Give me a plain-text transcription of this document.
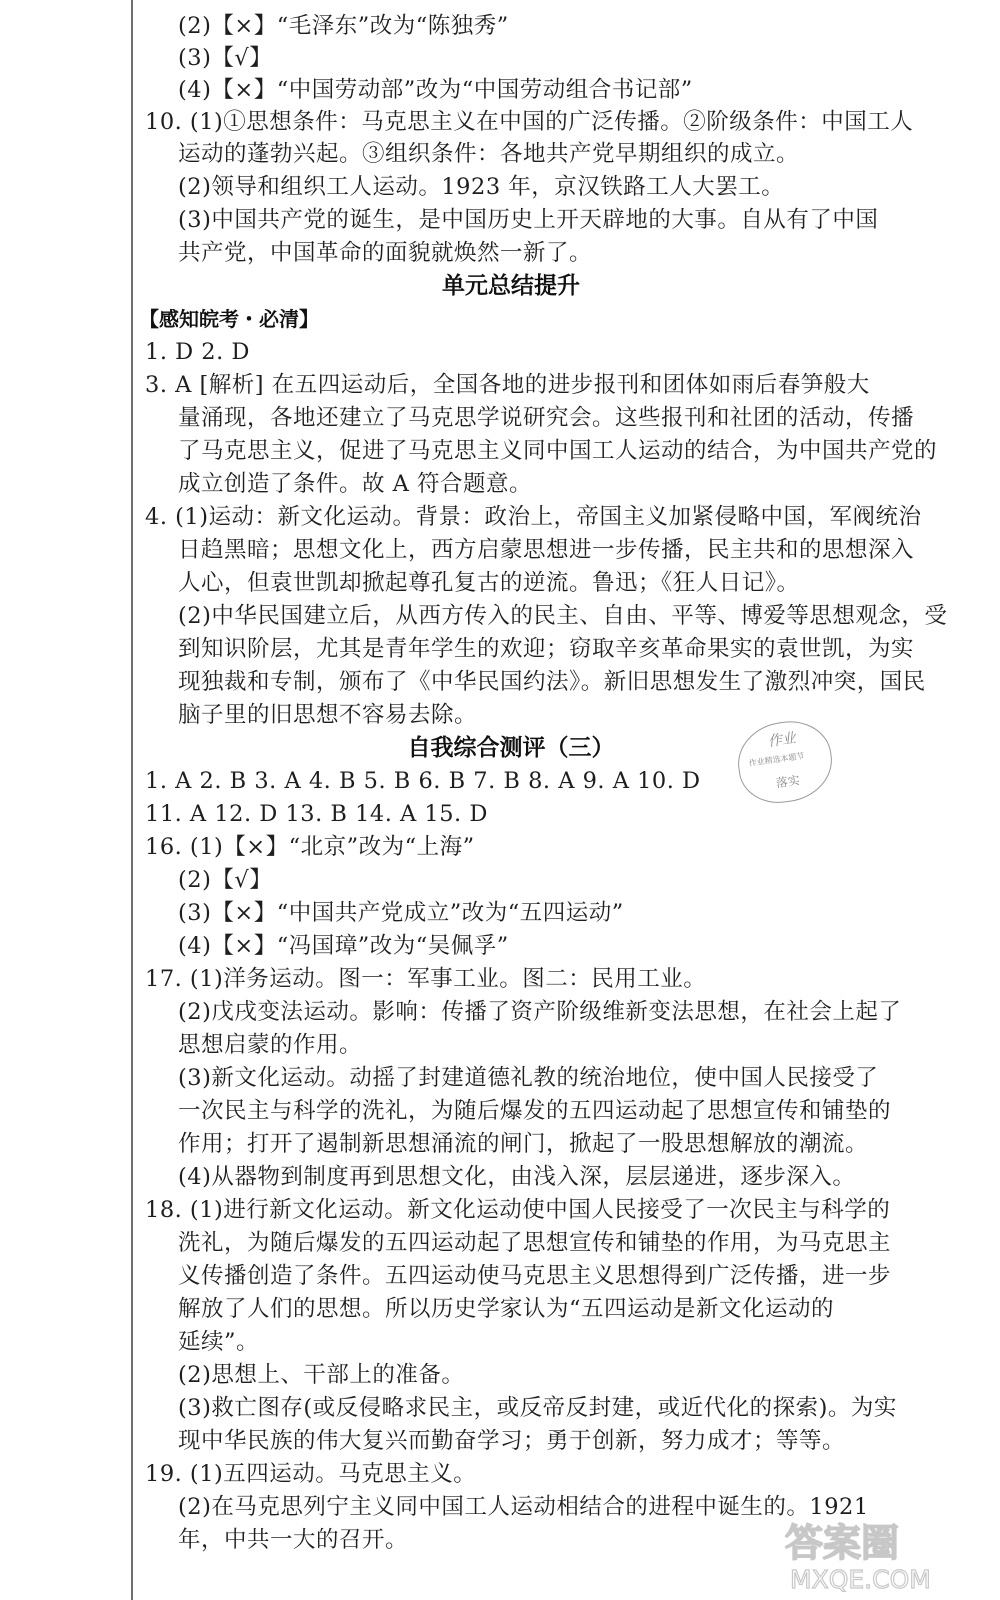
(2)【×】“毛泽东”改为“陈独秀”
(3)【√】
(4)【×】“中国劳动部”改为“中国劳动组合书记部”
10. (1)①思想条件：马克思主义在中国的广泛传播。②阶级条件：中国工人
运动的蓬勃兴起。③组织条件：各地共产党早期组织的成立。
(2)领导和组织工人运动。1923 年，京汉铁路工人大罢工。
(3)中国共产党的诞生，是中国历史上开天辟地的大事。自从有了中国
共产党，中国革命的面貌就焕然一新了。
单元总结提升
【感知皖考・必清】
1. D 2. D
3. A [解析] 在五四运动后，全国各地的进步报刊和团体如雨后春笋般大
量涌现，各地还建立了马克思学说研究会。这些报刊和社团的活动，传播
了马克思主义，促进了马克思主义同中国工人运动的结合，为中国共产党的
成立创造了条件。故 A 符合题意。
4. (1)运动：新文化运动。背景：政治上，帝国主义加紧侵略中国，军阀统治
日趋黑暗；思想文化上，西方启蒙思想进一步传播，民主共和的思想深入
人心，但袁世凯却掀起尊孔复古的逆流。鲁迅；《狂人日记》。
(2)中华民国建立后，从西方传入的民主、自由、平等、博爱等思想观念，受
到知识阶层，尤其是青年学生的欢迎；窃取辛亥革命果实的袁世凯，为实
现独裁和专制，颁布了《中华民国约法》。新旧思想发生了激烈冲突，国民
脑子里的旧思想不容易去除。
自我综合测评（三）
1. A 2. B 3. A 4. B 5. B 6. B 7. B 8. A 9. A 10. D
11. A 12. D 13. B 14. A 15. D
16. (1)【×】“北京”改为“上海”
(2)【√】
(3)【×】“中国共产党成立”改为“五四运动”
(4)【×】“冯国璋”改为“吴佩孚”
17. (1)洋务运动。图一：军事工业。图二：民用工业。
(2)戊戌变法运动。影响：传播了资产阶级维新变法思想，在社会上起了
思想启蒙的作用。
(3)新文化运动。动摇了封建道德礼教的统治地位，使中国人民接受了
一次民主与科学的洗礼，为随后爆发的五四运动起了思想宣传和铺垫的
作用；打开了遏制新思想涌流的闸门，掀起了一股思想解放的潮流。
(4)从器物到制度再到思想文化，由浅入深，层层递进，逐步深入。
18. (1)进行新文化运动。新文化运动使中国人民接受了一次民主与科学的
洗礼，为随后爆发的五四运动起了思想宣传和铺垫的作用，为马克思主
义传播创造了条件。五四运动使马克思主义思想得到广泛传播，进一步
解放了人们的思想。所以历史学家认为“五四运动是新文化运动的
延续”。
(2)思想上、干部上的准备。
(3)救亡图存(或反侵略求民主，或反帝反封建，或近代化的探索)。为实
现中华民族的伟大复兴而勤奋学习；勇于创新，努力成才；等等。
19. (1)五四运动。马克思主义。
(2)在马克思列宁主义同中国工人运动相结合的进程中诞生的。1921
年，中共一大的召开。
作业
作业精选本题节
落实
答案圈
MXQE.COM
